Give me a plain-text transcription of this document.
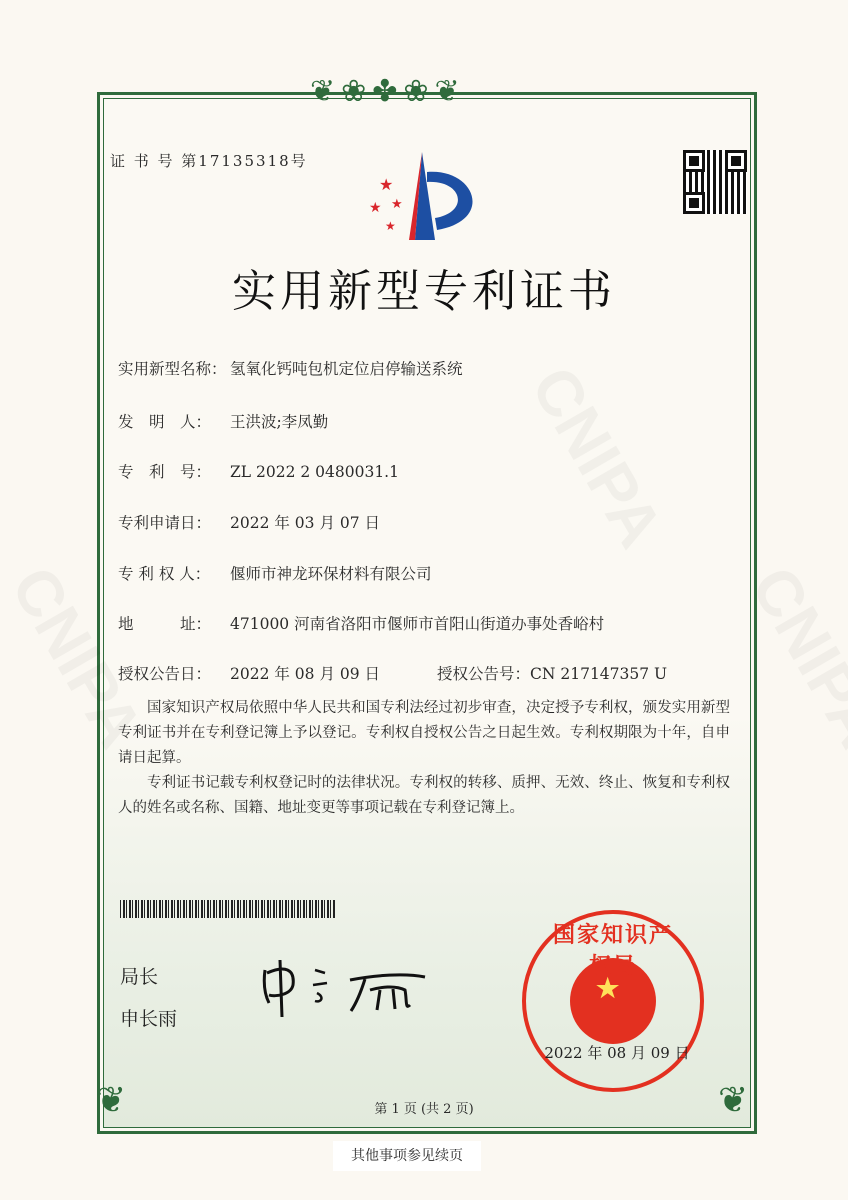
❦❀✤❀❦
❦	❦
证 书 号 第17135318号
★
★ ★
★
实用新型专利证书
实用新型名称： 氢氧化钙吨包机定位启停输送系统
发　明　人： 王洪波;李凤勤
专　利　号： ZL 2022 2 0480031.1
专利申请日： 2022 年 03 月 07 日
专 利 权 人： 偃师市神龙环保材料有限公司
地　　　址： 471000 河南省洛阳市偃师市首阳山街道办事处香峪村
授权公告日： 2022 年 08 月 09 日	授权公告号：CN 217147357 U
国家知识产权局依照中华人民共和国专利法经过初步审查，决定授予专利权，颁发实用新型专利证书并在专利登记簿上予以登记。专利权自授权公告之日起生效。专利权期限为十年，自申请日起算。
专利证书记载专利权登记时的法律状况。专利权的转移、质押、无效、终止、恢复和专利权人的姓名或名称、国籍、地址变更等事项记载在专利登记簿上。
局长
申长雨
★
国家知识产权局
2022 年 08 月 09 日
第 1 页 (共 2 页)
其他事项参见续页
